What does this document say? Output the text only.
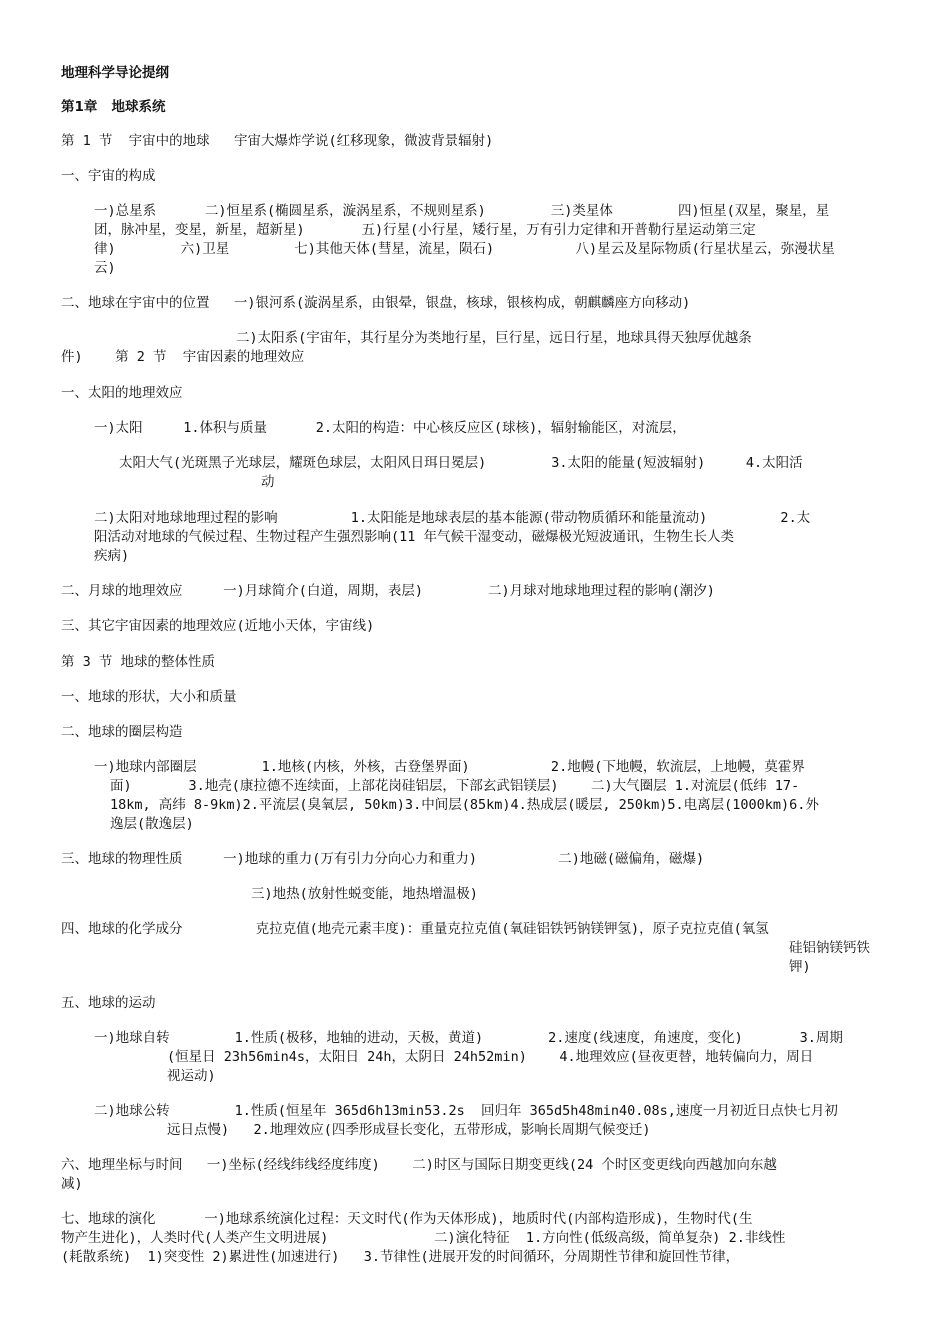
地理科学导论提纲
第1章   地球系统
第 1 节  宇宙中的地球   宇宙大爆炸学说(红移现象，微波背景辐射)
一、宇宙的构成
一)总星系      二)恒星系(椭圆星系，漩涡星系，不规则星系)        三)类星体        四)恒星(双星，聚星，星
团，脉冲星，变星，新星，超新星)       五)行星(小行星，矮行星，万有引力定律和开普勒行星运动第三定
律)        六)卫星        七)其他天体(彗星，流星，陨石)          八)星云及星际物质(行星状星云，弥漫状星
云)
二、地球在宇宙中的位置   一)银河系(漩涡星系，由银晕，银盘，核球，银核构成，朝麒麟座方向移动)
二)太阳系(宇宙年，其行星分为类地行星，巨行星，远日行星，地球具得天独厚优越条
件)    第 2 节  宇宙因素的地理效应
一、太阳的地理效应
一)太阳     1.体积与质量      2.太阳的构造：中心核反应区(球核)，辐射输能区，对流层，
太阳大气(光斑黑子光球层，耀斑色球层，太阳风日珥日冕层)        3.太阳的能量(短波辐射)     4.太阳活
动
二)太阳对地球地理过程的影响         1.太阳能是地球表层的基本能源(带动物质循环和能量流动)         2.太
阳活动对地球的气候过程、生物过程产生强烈影响(11 年气候干湿变动，磁爆极光短波通讯，生物生长人类
疾病)
二、月球的地理效应     一)月球简介(白道，周期，表层)        二)月球对地球地理过程的影响(潮汐)
三、其它宇宙因素的地理效应(近地小天体，宇宙线)
第 3 节 地球的整体性质
一、地球的形状，大小和质量
二、地球的圈层构造
一)地球内部圈层        1.地核(内核，外核，古登堡界面)          2.地幔(下地幔，软流层，上地幔，莫霍界
面)       3.地壳(康拉德不连续面，上部花岗硅铝层，下部玄武铝镁层)    二)大气圈层 1.对流层(低纬 17-
18km, 高纬 8-9km)2.平流层(臭氧层, 50km)3.中间层(85km)4.热成层(暖层, 250km)5.电离层(1000km)6.外
逸层(散逸层)
三、地球的物理性质     一)地球的重力(万有引力分向心力和重力)          二)地磁(磁偏角，磁爆)
三)地热(放射性蜕变能，地热增温极)
四、地球的化学成分         克拉克值(地壳元素丰度)：重量克拉克值(氧硅铝铁钙钠镁钾氢)，原子克拉克值(氧氢
硅铝钠镁钙铁
钾)
五、地球的运动
一)地球自转        1.性质(极移，地轴的进动，天极，黄道)        2.速度(线速度，角速度，变化)       3.周期
(恒星日 23h56min4s，太阳日 24h，太阴日 24h52min)    4.地理效应(昼夜更替，地转偏向力，周日
视运动)
二)地球公转        1.性质(恒星年 365d6h13min53.2s  回归年 365d5h48min40.08s,速度一月初近日点快七月初
远日点慢)   2.地理效应(四季形成昼长变化，五带形成，影响长周期气候变迁)
六、地理坐标与时间   一)坐标(经线纬线经度纬度)    二)时区与国际日期变更线(24 个时区变更线向西越加向东越
减)
七、地球的演化      一)地球系统演化过程：天文时代(作为天体形成)，地质时代(内部构造形成)，生物时代(生
物产生进化)，人类时代(人类产生文明进展)             二)演化特征  1.方向性(低级高级，简单复杂) 2.非线性
(耗散系统)  1)突变性 2)累进性(加速进行)   3.节律性(进展开发的时间循环，分周期性节律和旋回性节律，
